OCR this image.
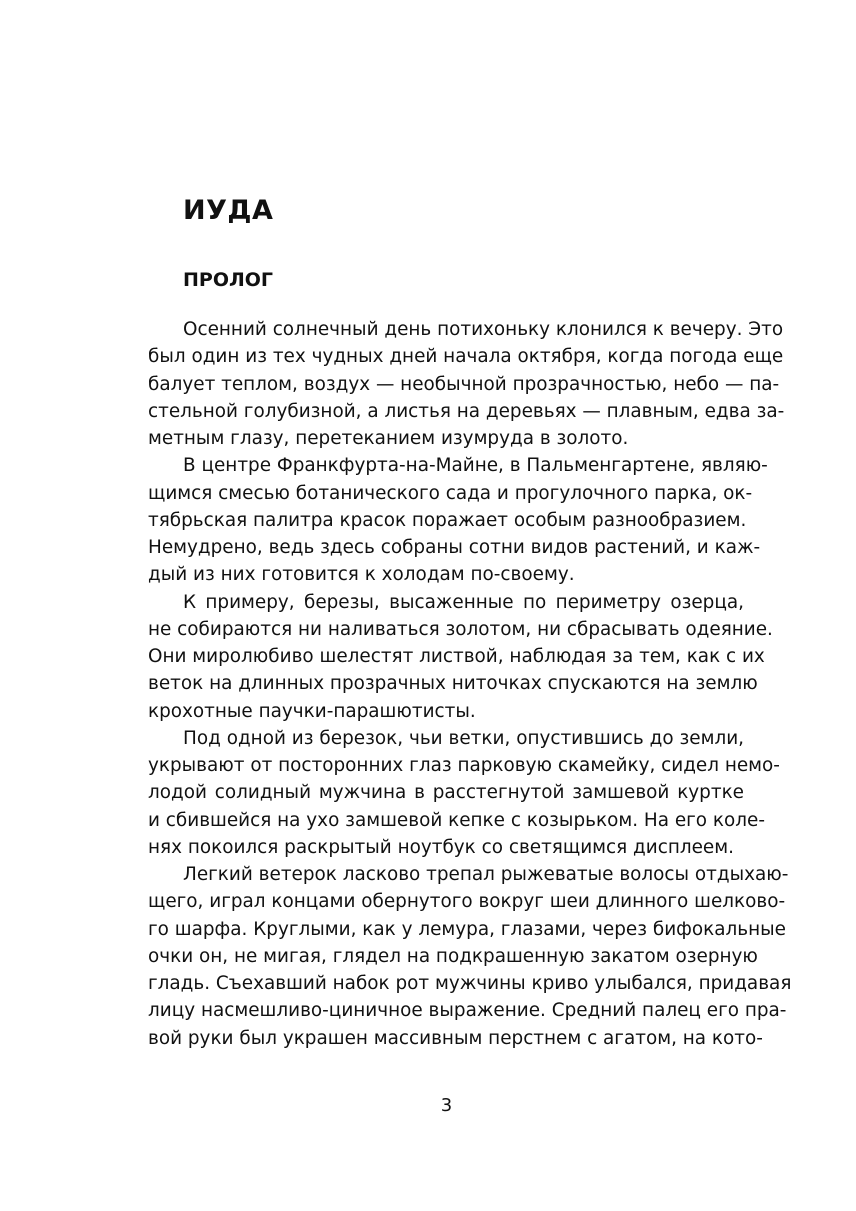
ИУДА
ПРОЛОГ
Осенний солнечный день потихоньку клонился к вечеру. Это
был один из тех чудных дней начала октября, когда погода еще
балует теплом, воздух — необычной прозрачностью, небо — па-
стельной голубизной, а листья на деревьях — плавным, едва за-
метным глазу, перетеканием изумруда в золото.
В центре Франкфурта-на-Майне, в Пальменгартене, являю-
щимся смесью ботанического сада и прогулочного парка, ок-
тябрьская палитра красок поражает особым разнообразием.
Немудрено, ведь здесь собраны сотни видов растений, и каж-
дый из них готовится к холодам по-своему.
К примеру, березы, высаженные по периметру озерца,
не собираются ни наливаться золотом, ни сбрасывать одеяние.
Они миролюбиво шелестят листвой, наблюдая за тем, как с их
веток на длинных прозрачных ниточках спускаются на землю
крохотные паучки-парашютисты.
Под одной из березок, чьи ветки, опустившись до земли,
укрывают от посторонних глаз парковую скамейку, сидел немо-
лодой солидный мужчина в расстегнутой замшевой куртке
и сбившейся на ухо замшевой кепке с козырьком. На его коле-
нях покоился раскрытый ноутбук со светящимся дисплеем.
Легкий ветерок ласково трепал рыжеватые волосы отдыхаю-
щего, играл концами обернутого вокруг шеи длинного шелково-
го шарфа. Круглыми, как у лемура, глазами, через бифокальные
очки он, не мигая, глядел на подкрашенную закатом озерную
гладь. Съехавший набок рот мужчины криво улыбался, придавая
лицу насмешливо-циничное выражение. Средний палец его пра-
вой руки был украшен массивным перстнем с агатом, на кото-

3
